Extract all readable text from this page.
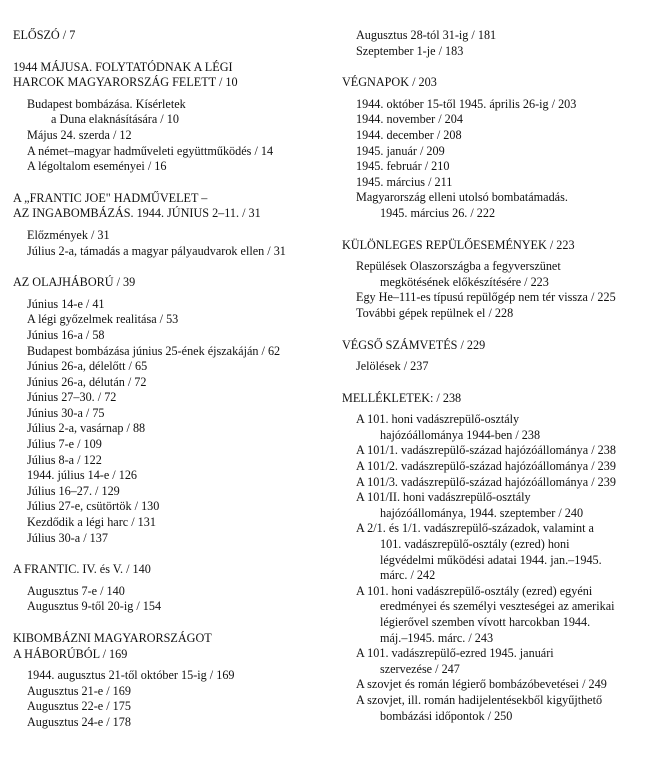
ELŐSZÓ / 7
1944 MÁJUSA. FOLYTATÓDNAK A LÉGI
HARCOK MAGYARORSZÁG FELETT / 10
Budapest bombázása. Kísérletek
a Duna elaknásítására / 10
Május 24. szerda / 12
A német–magyar hadműveleti együttműködés / 14
A légoltalom eseményei / 16
A „FRANTIC JOE" HADMŰVELET –
AZ INGABOMBÁZÁS. 1944. JÚNIUS 2–11. / 31
Előzmények / 31
Július 2-a, támadás a magyar pályaudvarok ellen / 31
AZ OLAJHÁBORÚ / 39
Június 14-e / 41
A légi győzelmek realitása / 53
Június 16-a / 58
Budapest bombázása június 25-ének éjszakáján / 62
Június 26-a, délelőtt / 65
Június 26-a, délután / 72
Június 27–30. / 72
Június 30-a / 75
Július 2-a, vasárnap / 88
Július 7-e / 109
Július 8-a / 122
1944. július 14-e / 126
Július 16–27. / 129
Július 27-e, csütörtök / 130
Kezdődik a légi harc / 131
Július 30-a / 137
A FRANTIC. IV. és V. / 140
Augusztus 7-e / 140
Augusztus 9-től 20-ig / 154
KIBOMBÁZNI MAGYARORSZÁGOT
A HÁBORÚBÓL / 169
1944. augusztus 21-től október 15-ig / 169
Augusztus 21-e / 169
Augusztus 22-e / 175
Augusztus 24-e / 178
Augusztus 28-tól 31-ig / 181
Szeptember 1-je / 183
VÉGNAPOK / 203
1944. október 15-től 1945. április 26-ig / 203
1944. november / 204
1944. december / 208
1945. január / 209
1945. február / 210
1945. március / 211
Magyarország elleni utolsó bombatámadás.
1945. március 26. / 222
KÜLÖNLEGES REPÜLŐESEMÉNYEK / 223
Repülések Olaszországba a fegyverszünet
megkötésének előkészítésére / 223
Egy He–111-es típusú repülőgép nem tér vissza / 225
További gépek repülnek el / 228
VÉGSŐ SZÁMVETÉS / 229
Jelölések / 237
MELLÉKLETEK: / 238
A 101. honi vadászrepülő-osztály
hajózóállománya 1944-ben / 238
A 101/1. vadászrepülő-század hajózóállománya / 238
A 101/2. vadászrepülő-század hajózóállománya / 239
A 101/3. vadászrepülő-század hajózóállománya / 239
A 101/II. honi vadászrepülő-osztály
hajózóállománya, 1944. szeptember / 240
A 2/1. és 1/1. vadászrepülő-századok, valamint a
101. vadászrepülő-osztály (ezred) honi
légvédelmi működési adatai 1944. jan.–1945.
márc. / 242
A 101. honi vadászrepülő-osztály (ezred) egyéni
eredményei és személyi veszteségei az amerikai
légierővel szemben vívott harcokban 1944.
máj.–1945. márc. / 243
A 101. vadászrepülő-ezred 1945. januári
szervezése / 247
A szovjet és román légierő bombázóbevetései / 249
A szovjet, ill. román hadijelentésekből kigyűjthető
bombázási időpontok / 250
